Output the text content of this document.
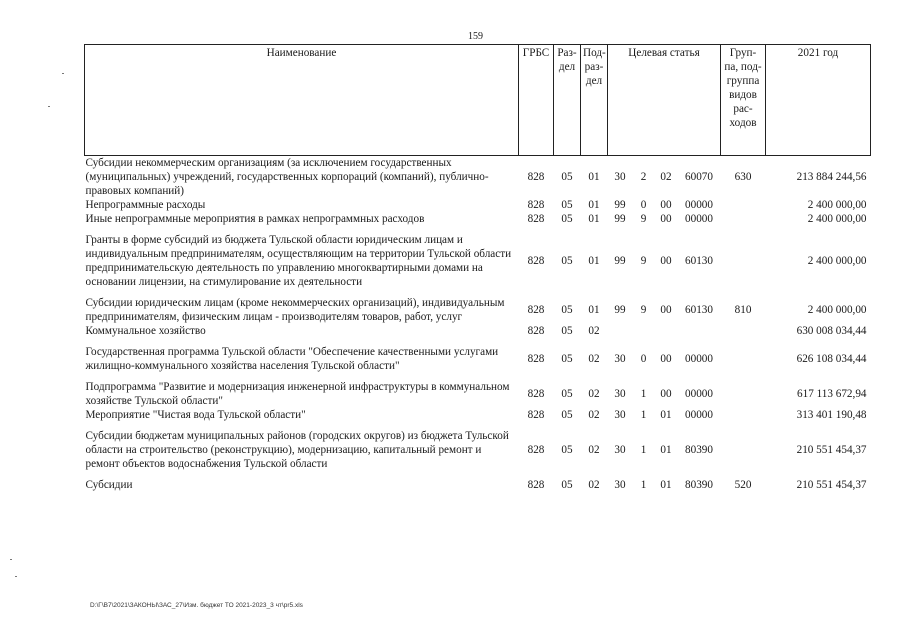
159
Наименование	ГРБС	Раз-дел	Под-раз-дел	Целевая статья				Груп-па, под-группа видов рас-ходов	2021 год
Субсидии некоммерческим организациям (за исключением государственных (муниципальных) учреждений, государственных корпораций (компаний), публично-правовых компаний)	828	05	01	30	2	02	60070	630	213 884 244,56
Непрограммные расходы	828	05	01	99	0	00	00000		2 400 000,00
Иные непрограммные мероприятия в рамках непрограммных расходов	828	05	01	99	9	00	00000		2 400 000,00

Гранты в форме субсидий из бюджета Тульской области юридическим лицам и индивидуальным предпринимателям, осуществляющим на территории Тульской области предпринимательскую деятельность по управлению многоквартирными домами на основании лицензии, на стимулирование их деятельности	828	05	01	99	9	00	60130		2 400 000,00

Субсидии юридическим лицам (кроме некоммерческих организаций), индивидуальным предпринимателям, физическим лицам - производителям товаров, работ, услуг	828	05	01	99	9	00	60130	810	2 400 000,00
Коммунальное хозяйство	828	05	02						630 008 034,44

Государственная программа Тульской области "Обеспечение качественными услугами жилищно-коммунального хозяйства населения Тульской области"	828	05	02	30	0	00	00000		626 108 034,44

Подпрограмма "Развитие и модернизация инженерной инфраструктуры в коммунальном хозяйстве Тульской области"	828	05	02	30	1	00	00000		617 113 672,94
Мероприятие "Чистая вода Тульской области"	828	05	02	30	1	01	00000		313 401 190,48

Субсидии бюджетам муниципальных районов (городских округов) из бюджета Тульской области на строительство (реконструкцию), модернизацию, капитальный ремонт и ремонт объектов водоснабжения Тульской области	828	05	02	30	1	01	80390		210 551 454,37

Субсидии	828	05	02	30	1	01	80390	520	210 551 454,37
D:\Г\В7\2021\ЗАКОНЫ\ЗАС_27\Изм. бюджет ТО 2021-2023_3 чт\pr5.xls
